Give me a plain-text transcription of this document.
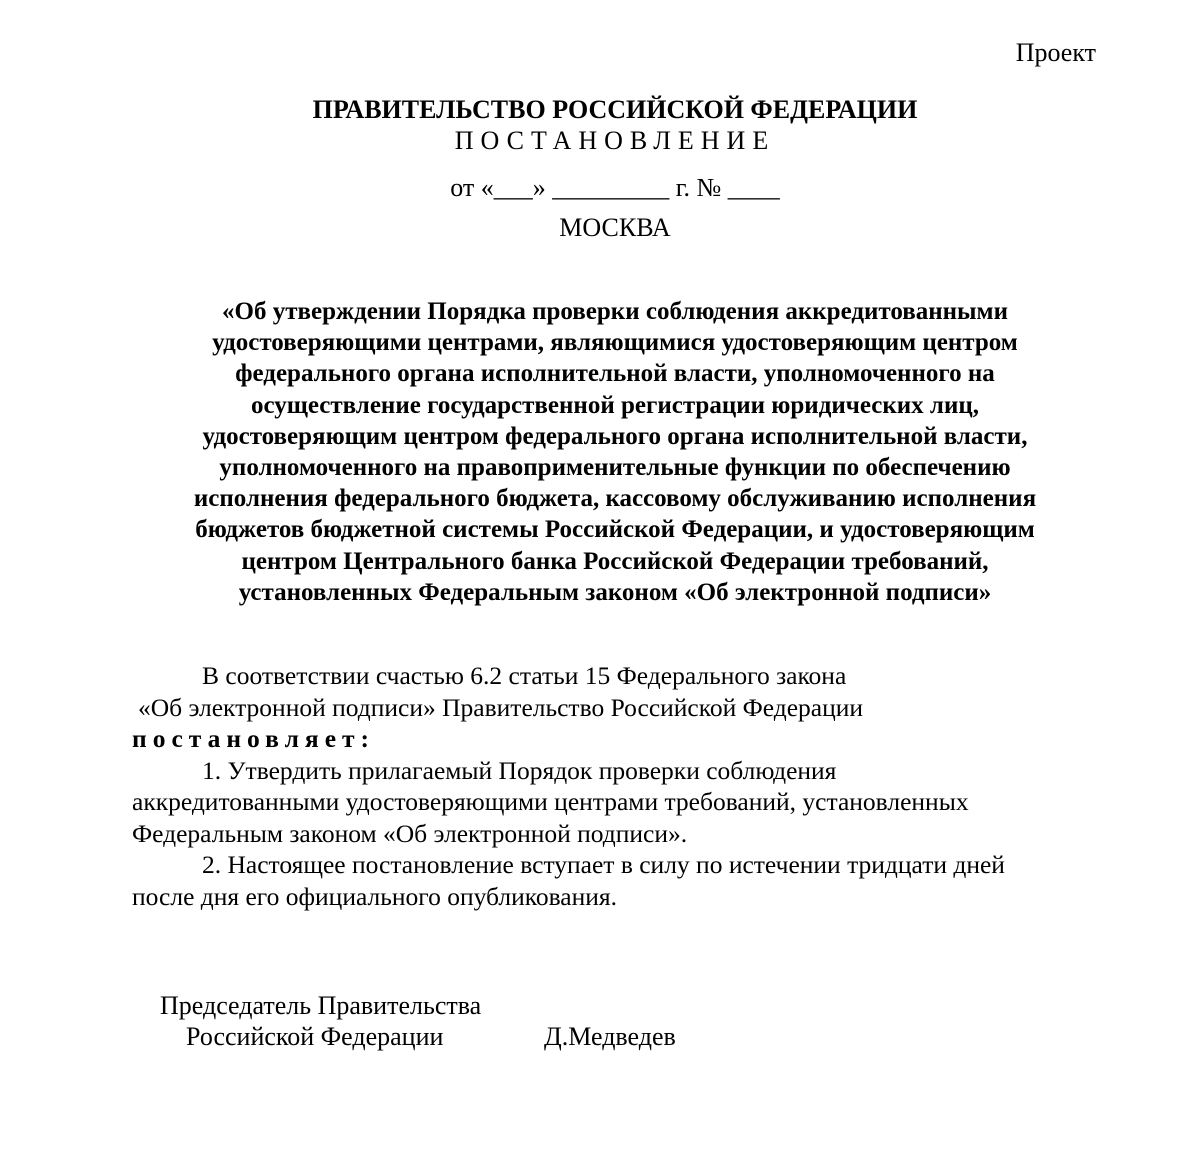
Проект

ПРАВИТЕЛЬСТВО РОССИЙСКОЙ ФЕДЕРАЦИИ

ПОСТАНОВЛЕНИЕ

от «___» _________ г. № ____
МОСКВА
«Об утверждении Порядка проверки соблюдения аккредитованными
удостоверяющими центрами, являющимися удостоверяющим центром
федерального органа исполнительной власти, уполномоченного на
осуществление государственной регистрации юридических лиц,
удостоверяющим центром федерального органа исполнительной власти,
уполномоченного на правоприменительные функции по обеспечению
исполнения федерального бюджета, кассовому обслуживанию исполнения
бюджетов бюджетной системы Российской Федерации, и удостоверяющим
центром Центрального банка Российской Федерации требований,
установленных Федеральным законом «Об электронной подписи»
В соответствии счастью 6.2 статьи 15 Федерального закона
«Об электронной подписи» Правительство Российской Федерации
постановляет:
1. Утвердить прилагаемый Порядок проверки соблюдения
аккредитованными удостоверяющими центрами требований, установленных
Федеральным законом «Об электронной подписи».
2. Настоящее постановление вступает в силу по истечении тридцати дней
после дня его официального опубликования.
Председатель Правительства
Российской Федерации	Д.Медведев
